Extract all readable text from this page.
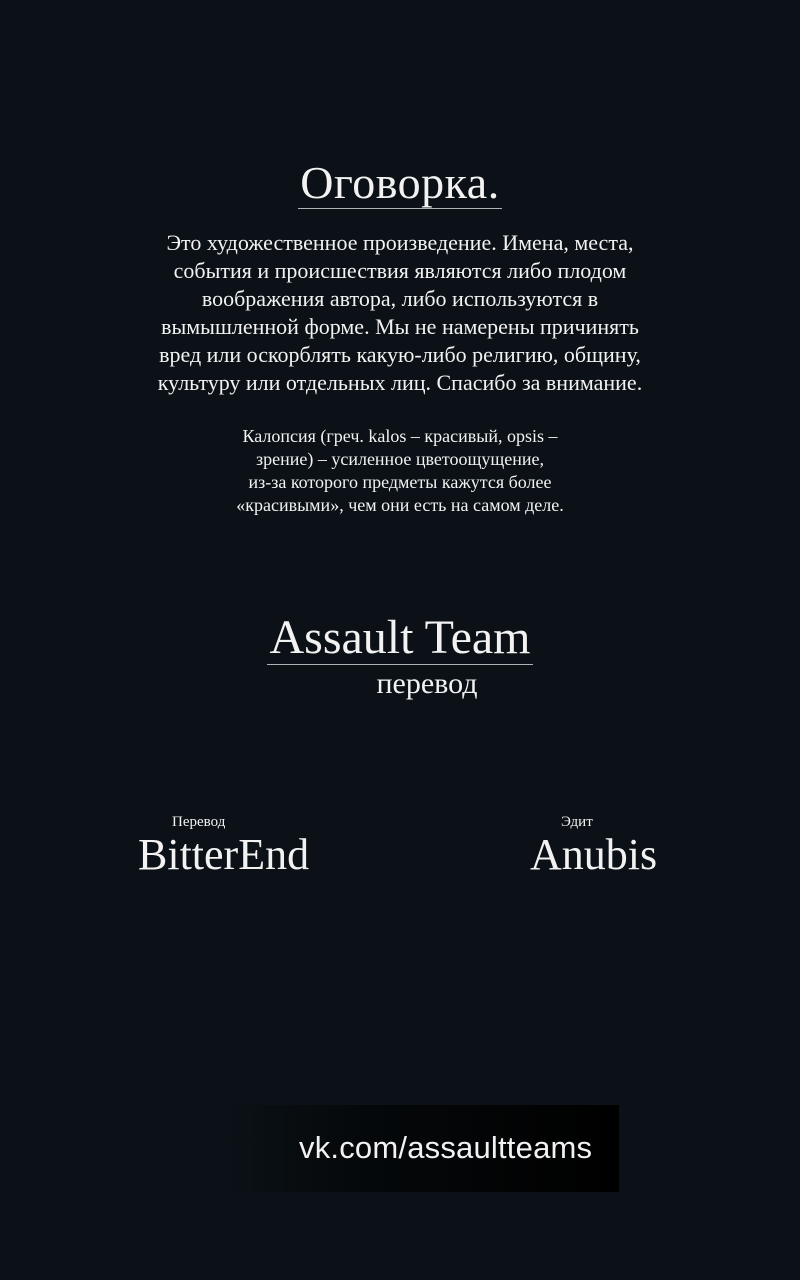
Оговорка.
Это художественное произведение. Имена, места,
события и происшествия являются либо плодом
воображения автора, либо используются в
вымышленной форме. Мы не намерены причинять
вред или оскорблять какую-либо религию, общину,
культуру или отдельных лиц. Спасибо за внимание.
Калопсия (греч. kalos – красивый, opsis –
зрение) – усиленное цветоощущение,
из-за которого предметы кажутся более
«красивыми», чем они есть на самом деле.
Assault Team
перевод
Перевод
BitterEnd
Эдит
Anubis
vk.com/assaultteams
